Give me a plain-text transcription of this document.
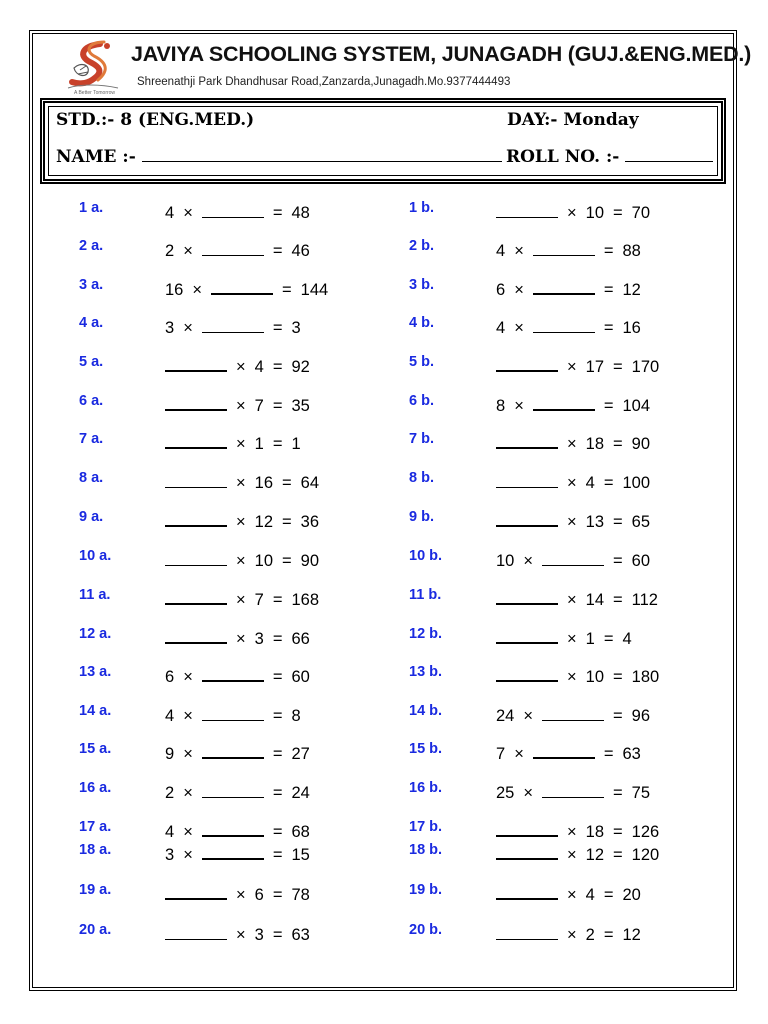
A Better Tomorrow
JAVIYA SCHOOLING SYSTEM, JUNAGADH (GUJ.&ENG.MED.)
Shreenathji Park Dhandhusar Road,Zanzarda,Junagadh.Mo.9377444493
STD.:- 8 (ENG.MED.)	DAY:- Monday
NAME :-	ROLL NO. :-
1 a.	4 ×	= 48
2 a.	2 ×	= 46
3 a.	16 ×	= 144
4 a.	3 ×	= 3
5 a.	× 4 = 92
6 a.	× 7 = 35
7 a.	× 1 = 1
8 a.	× 16 = 64
9 a.	× 12 = 36
10 a.	× 10 = 90
11 a.	× 7 = 168
12 a.	× 3 = 66
13 a.	6 ×	= 60
14 a.	4 ×	= 8
15 a.	9 ×	= 27
16 a.	2 ×	= 24
17 a.	4 ×	= 68
18 a.	3 ×	= 15
19 a.	× 6 = 78
20 a.	× 3 = 63
1 b.	× 10 = 70
2 b.	4 ×	= 88
3 b.	6 ×	= 12
4 b.	4 ×	= 16
5 b.	× 17 = 170
6 b.	8 ×	= 104
7 b.	× 18 = 90
8 b.	× 4 = 100
9 b.	× 13 = 65
10 b.	10 ×	= 60
11 b.	× 14 = 112
12 b.	× 1 = 4
13 b.	× 10 = 180
14 b.	24 ×	= 96
15 b.	7 ×	= 63
16 b.	25 ×	= 75
17 b.	× 18 = 126
18 b.	× 12 = 120
19 b.	× 4 = 20
20 b.	× 2 = 12
